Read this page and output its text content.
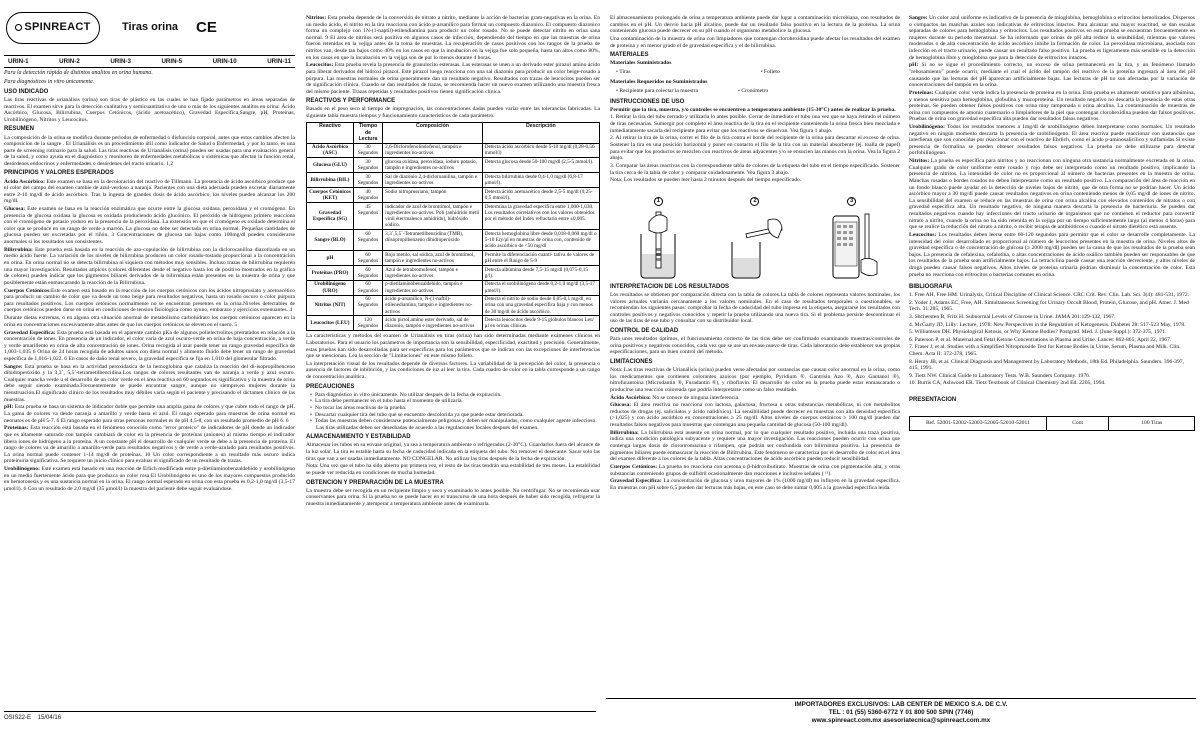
SPINREACT	Tiras orina CE
URIN-1	URIN-2	URIN-3	URIN-5	URIN-10	URIN-11
Para la detección rápida de distintos analitos en orina humana.
Para diagnósticos in vitro únicamente.
USO INDICADO

Las tiras reactivas de urianálisis (orina) son tiras de plástico en las cuales se han fijado parámetros en áreas separadas de reactivos. El examen sirve para la detección cualitativa y semicuantitativa de uno o más de los siguientes analitos en orina: Ácido Ascórbico, Glucosa, Bilirrubina, Cuerpos Cetónicos, (ácido acetoacético), Gravedad Específica,Sangre, pH, Proteínas, Urobilinógeno, Nitritos y Leucocitos.

RESUMEN

La composición de la orina se modifica durante periodos de enfermedad o disfunción corporal, antes que estos cambios afecten la composición de la sangre . El Urianálisis es un procedimiento útil como indicador de Salud o Enfermedad, y por lo tanto, es una parte de screening rutinario para la salud. Las tiras reactivas de Urianálisis (orina) pueden ser usadas para una evaluación general de la salud, y como ayuda en el diagnóstico y monitoreo de enfermedades metabólicas o sistémicas que afectan la función renal, desórdenes endocrinos y enfermedades o desórdenes del tracto urinario. 1,2

PRINCIPIOS Y VALORES ESPERADOS

Ácido Ascórbico: Este examen se basa en la decoloración del reactivo de Tillmann. La presencia de ácido ascórbico produce que el color del campo del examen cambie de azul-verdoso a naranja. Pacientes con una dieta adecuada pueden excretar diariamente entre 2-10 mg/dl de ácido ascórbico. Tras la ingesta de grandes dosis de ácido ascórbico, los niveles pueden alcanzar los 200 mg/dl.

Glucosa: Este examen se basa en la reacción enzimática que ocurre entre la glucosa oxidasa, peroxidasa y el cromógeno. En presencia de glucosa oxidasa la glucosa es oxidada produciendo ácido glucónico. El peróxido de hidrógeno primero reacciona con el cromógeno de potasio yoduro en la presencia de la peroxidasa. La extensión en que el cromógeno es oxidado determina el color que se produce en un rango de verde a marrón. La glucosa no debe ser detectada en orina normal. Pequeñas cantidades de glucosa pueden ser excretadas por el riñón. 3 Concentraciones de glucosa tan bajas como 100mg/dl pueden considerarse anormales si los resultados son consistentes.

Bilirrubina: Este prueba está basada en la reacción de azo-copulación de bilirrubina con la diclorocanilina diazotizada en un medio ácido fuerte. La variación de los niveles de bilirrubina producen un color rosado-tostado proporcional a la concentración en orina. En orina normal no se detecta bilirrubina ni siquiera con métodos muy sensibles. Incluso trazas de bilirrubina requieren una mayor investigación. Resultados atípicos (colores diferentes desde el negativo hasta los de positivo mostrados en la gráfica de colores) pueden indicar que los pigmentos biliares derivados de la bilirrubina están presentes en la muestra de orina y que posiblemente están enmascarando la reacción de la Bilirrubina.

Cuerpos Cetónicos:Este examen está basado en la reacción de los cuerpos cetónicos con los ácidos nitroprusiato y acetoacético para producir un cambio de color que va desde un tono beige para resultados negativos, hasta un rosado oscuro o color púrpura para resultados positivos. Los cuerpos cetónicos normalmente no se encuentran presentes en la orina.Niveles detectables de cuerpos cetónicos pueden darse en orina en condiciones de tension fisiológica como ayuno, embarazo y ejercicios extenuantes. 4

Durante dietas extremas, o en alguna otra situación anormal de metabolismo carbohidrato los cuerpos cetónicos aparecen en la orina en concentraciones excesivamente altas antes de que los cuerpos cetónicos se eleven en el suero. 5

Gravedad Específica: Esta prueba está basada en el aparente cambio pKa de algunos polielectrolitos pretratados en relación a la concentración de iones. En presencia de un indicador, el color varía de azul oscuro-verde en orina de baja concentración, a verde y verde amarillento en orina de alta concentración de iones. Orina recogida al azar puede tener un rango gravedad específica de 1,003-1,035 6 Orina de 24 horas recogida de adultos sanos con dieta normal y alimento fluido debe tener un rango de gravedad específica de 1,016-1,022. 6 En casos de daño renal severo, la gravedad específica se fija en 1,010 del glomerular filtrado.

Sangre: Esta prueba se basa en la actividad peroxidasica de la hemoglobina que cataliza la reacción del di-isopropilbenceno dihidroperóxido y la 3,3´, 5,5´-tetrametilbencidina.Los rangos de colores resultantes van de naranja a verde y azul oscuro. Cualquier mancha verde u el desarrollo de un color verde en el área reactiva en 60 segundos es significativo y la muestra de orina debe seguir siendo examinada.Frecuentemente se puede encontrar sangre, aunque no siempre,en mujeres durante la menstruación.El significado clínico de los resultados muy débiles varía según el paciente y precisando el dictamen clínico de las muestras.

pH: Esta prueba se basa un sistema de indicador doble que permite una amplia gama de colores y que cubre todo el rango de pH. La gama de colores va desde naranja a amarillo y verde hasta el azul. El rango esperado para muestras de orina normal en neonatos es de pH 5-7. 6 El rango esperado para otras personas normales es de pH 4,5-8, con un resultado promedio de pH 6. 6

Proteínas: Esta reacción está basada en el fenómeno conocido como "error proteico" de indicadores de pH donde un indicador que es altamente saturado con tampón cambiará de color en la presencia de proteínas (aniones) al mismo tiempo el indicador libera iones de hidrógeno a la proteína. A un constante pH el desarrollo de cualquier verde se debe a la presencia de proteína. El rango de colores va de amarillo a amarillo-verde para resultados negativos y de verde a verde-azulado para resultados positivos. La orina normal puede contener 1-14 mg/dl de proteínas. 10 Un color correspondiente a un resultado más oscuro indica proteinuria significativa. Se requiere un juicio clínico para evaluar el significado de un resultado de trazas.

Urobilinógeno: Este examen está basado en una reacción de Erlich modificada entre p-dietilaminobenzaldehido y urobilinógeno en un medio fuertemente ácido para que produzca un color rosa El Urobilinógeno es uno de los mayores compuestos producido en hemotonesis y es una sustancia normal en la orina. El rango normal esperado en orina con esta prueba es 0,2-1,0 mg/dl (3,5-17 μmol/l). 6 Con un resultado de 2,0 mg/dl (35 μmol/l) la muestra del paciente debe seguir evaluándose.

Nitritos: Esta prueba depende de la conversión de nitrato a nitrito, mediante la acción de bacterias gram-negativas en la orina. En un medio ácido, el nitrito en la tira reacciona con ácido p-arsanílico para formar un compuesto diazonico. El compuesto diazonico forma un complejo con 1N-(1-naptil)-etilendiamina para producir un color rosado. No se puede detectar nitrito en orina sana normal. 9 El área de nitritos será positiva en algunos casos de infección, dependiendo del tiempo en que las muestras de orina fueron retenidas en la vejiga antes de la toma de muestras. La recuperación de casos positivos con los rangos de la prueba de nitritos van, desde tan bajos como 40% en los casos en que la incubación en la vejiga fue solo pequeña, hasta tan altos como 80%, en los casos en que la incubación en la vejiga son de por lo menos durante 4 horas.

Leucocitos: Esta prueba revela la presencia de granulocito esterasas. Las esterasas se unen a un derivado ester pirazol amino ácido para liberar derivados del hidroxi pirazol. Este pirazol luego reacciona con una sal diazonio para producir un color beige-rosado a púrpura. Las muestras normales de orina generalmente dan un resultado negativo. Resultados con trazas de leucocitos pueden ser de significación clínica. Cuando se dan resultados de trazas, se recomienda hacer un nuevo examen utilizando una muestra fresca del mismo paciente. Trazas repetidas y resultados positivos tienen significación clínica.

REACTIVOS Y PERFORMANCE

Basado en el peso seco al tiempo de impregnación, las concentraciones dadas pueden variar entre las tolerancias fabricadas. La siguiente tabla muestra tiempos y funcionamiento característicos de cada parámetro.

Reactivo	Tiempo de Lectura	Composición	Descripción
Ácido Ascórbico (ASC)	30 Segundos	2,6-Diclorofenolindofenol, tampón e ingredientes no-activos	Detecta ácido ascórbico desde 5-10 mg/dl (0,28-0,56 mmol/l)
Glucosa (GLU)	30 Segundos	glucosa oxidasa, peroxidasa, ioduro potasio, tampón e ingredientes no-activos	Detecta glucosa desde 50-100 mg/dl (2,5-5 mmol/l).
Bilirrubina (BIL)	30 Segundos	Sal de diazonio 2,4-dicloroanilina, tampón e ingredientes no-activos	Detecta bilirrubina desde 0,4-1,0 mg/dl (6,8-17 μmol/l).
Cuerpos Cetónicos (KET)	40 Segundos	Sodio nitroprussiano, tampón	Detecta ácido acetoacético desde 2,5-5 mg/dl (0,25-0,5 mmol/l).
Gravedad Específica (SG)	45 Segundos	indicador de azul de bromtimol, tampón e ingredientes no-activos. Poli (anhidrido metil vinil éter/malesco anhidrido), hidróxido sódico.	Determina la gravedad específica entre 1,000-1,030. Los resultados correlativos con los valores obtenidos por el método del Index refractario entre ±0,005.
Sangre (BLO)	60 Segundos	3,3´,5,5´-Tetrametilbenzidina (TMB), diisopropilbenzeno dihidroperóxido	Detecta hemoglobina libre desde 0,018-0,060 mg/dl o 5-10 Ery/μl en muestras de orina con, contenido de ácido ascórbico de <50 mg/dl
pH	60 Segundos	Rojo metilo, sal sódica, azul de bromtimol, tampón e ingredientes no-activos	Permite la diferenciación cuanti- tativa de valores de pH entre el Rango de 5-9
Proteínas (PRO)	60 Segundos	Azul de tetrabromofenol, tampón e ingredientes no-activos	Detecta albúmina desde 7,5-15 mg/dl (0,075-0,15 g/l).
Urobilinógeno (URO)	60 Segundos	p-dietilaminobenzaldehido, tampón e ingredientes no-activos	Detecta el urobilinógeno desde 0,2-1,0 mg/dl (3,5-17 μmol/l).
Nitritos (NIT)	60 Segundos	ácido p-arsanílico, N-(1-naftil)-etilenediamina, tampón e ingredientes no-activos	Detecta el nitrito de sodio desde 0,05-0,1 mg/dl, en orina con una gravedad específica baja y con menos de 30 mg/dl de ácido ascórbico.
Leucocitos (LEU)	120 Segundos	ácido pirrol amino ester derivado, sal de diazonio, tampón e ingredientes no-activos	Detecta leucocitos desde 9-15 glóbulos blancos Leu/μl en orinas clínicas.

La características y métodos del examen de Urianálisis en tiras (orina) han sido determinadas mediante exámenes clínicos en Laboratorios. Para el usuario los parámetros de importancia son la sensibilidad, especificidad, exactitud y precisión. Generalmente, estas pruebas han sido desarrolladas para ser específicas para los parámetros que se indican con las excepciones de interferencias que se mencionan. Lea la sección de "Limitaciones" en este mismo folleto.

La interpretación visual de los resultados depende de diversos factores. La variabilidad de la percepción del color, la presencia o ausencia de factores de inhibición, y las condiciones de luz al leer la tira. Cada cuadro de color en la tabla corresponde a un rango de concentración analítica.

PRECAUCIONES
• Para diagnóstico in vitro únicamente. No utilizar después de la fecha de expiración.
• La tira debe permanecer en el tubo hasta el momento de utilizarla.
• No tocar las áreas reactivas de la prueba.
• Descartar cualquier tira del tubo que se encuentre descolorida ya que puede estar deteriorada.
• Todas las muestras deben considerarse potencialmente peligrosas y deben ser manipuladas, como cualquier agente infeccioso.

Las tiras utilizadas deben ser desechadas de acuerdo a las regulaciones locales después del examen.

ALMACENAMIENTO Y ESTABILIDAD

Almacenar los tubos en su envase original, ya sea a temperatura ambiente o refrigerados (2-30°C). Guardarlos fuera del alcance de la luz solar. La tira es estable hasta su fecha de caducidad indicada en la etiqueta del tubo. No remover el desecante. Sacar solo las tiras que van a ser usadas inmediatamente. NO CONGELAR. No utilizar las tiras después de la fecha de expiración.

Nota: Una vez que el tubo ha sido abierto por primera vez, el resto de las tiras tendrán una estabilidad de tres meses. La estabilidad se puede ver reducida en condiciones de mucha humedad.

OBTENCION Y PREPARACIÓN DE LA MUESTRA

La muestra debe ser recogida en un recipiente limpio y seco y examinado lo antes posible. No centrifugar. No se recomienda usar conservantes para orina. Si la prueba no se puede hacer en el transcurso de una hora después de haber sido recogida, refrigerar la muestra inmediatamente y atemperar a temperatura ambiente antes de examinarla.

El almacenamiento prolongado de orina a temperatura ambiente puede dar lugar a contaminación microbiana, con resultados de cambios en el pH. Un desvío hacia pH alcalino, puede dar un resultado falso positivo en la lectura de la proteína. La orina conteniendo glucosa puede decrecer en su pH cuando el organismo metabolice la glucosa.

Una contaminación de la muestra de orina con limpiadores que contengan clorohexidina puede afectar los resultados del examen de proteína y en menor grado el de gravedad específica y el de bilirrubina.

MATERIALES
Materiales Suministrados
• Tiras	• Folleto
Materiales Requeridos no Suministrados
• Recipiente para colectar la muestra	• Cronómetro
INSTRUCCIONES DE USO

Permitir que la tira, muestra, y/o controles se encuentren a temperatura ambiente (15-30°C) antes de realizar la prueba.

1. Retirar la tira del tubo cerrado y utilizarla lo antes posible. Cerrar de inmediato el tubo una vez que se haya retirado el número de tiras necesarias. Sumergir por completo el área reactiva de la tira en el recipiente conteniendo la orina fresca bien mezclada e inmediatamente sacarla del recipiente para evitar que los reactivos se disuelvan. Vea figura 1 abajo.

2. Al retirar la tira de la orina, correr el filo de la tira contra el borde del recipiente de la orina para descartar el exceso de orina. Sostener la tira en una posición horizontal y poner en contacto el filo de la tira con un material absorbente (ej. toalla de papel) para evitar que los productos se mezclen con reactivos de áreas adyacentes y/o se ensucien las manos con la orina. Vea la figura 2 abajo.

3. Comparar las áreas reactivas con la correspondiente tabla de colores de la etiqueta del tubo en el tiempo especificado. Sostener la tira cerca de la tabla de color y comparar cuidadosamente. Vea figura 3 abajo.

Nota: Los resultados se pueden leer hasta 2 minutos después del tiempo especificado.

1	2	3
INTERPRETACION DE LOS RESULTADOS

Los resultados se obtienen por comparación directa con la tabla de colores.La tabla de colores representa valores nominales, los valores actuales variarán cercanamente a los valores nominales. En el caso de resultados temporales o cuestionables, se recomiendan los siguientes pasos: comprobar la fecha de caducidad del tubo impresa en la etiqueta, asegurarse los resultados con controles positivos y negativos conocidos y repetir la prueba utilizando una nueva tira. Si el problema persiste descontinuar el uso de las tiras de ese tubo y consultar con su distribuidor local.

CONTROL DE CALIDAD

Para unos resultados óptimos, el funcionamiento correcto de las tiras debe ser confirmado examinando muestras/controles de orina positivos y negativos conocidos, cada vez que se use un envase nuevo de tiras. Cada laboratorio debe establecer sus propias especificaciones, para un buen control del método.

LIMITACIONES

Nota: Las tiras reactivas de Urianálisis (orina) pueden verse afectadas por sustancias que causan color anormal en la orina, como los medicamentos que contienen colorantes azoicos (por ejemplo, Pyridium ®, Gantrisin Azo ®, Azo Gantanol ®), nitrofurantoína (Microdantin ®, Furadantin ®), y riboflavin. El desarrollo de color en la prueba puede estar enmascarado o producirse una reacción coloreada que podría interpretarse como un falso resultado.

Ácido Ascórbico: No se conoce de ninguna interferencia.

Glucosa: El área reactiva no reacciona con lactosa, galactosa, fructosa u otras substancias metabólicas, ni con metabolitos reductos de drogas (ej. salicilatos y ácido nalidíxico). La sensibilidad puede decrecer en muestras con alta densidad específica (>1,025) y con ácido ascórbico en concentraciones ≥ 25 mg/dl. Altos niveles de cuerpos cetónicos ≥ 100 mg/dl pueden dar resultados falsos negativos para muestras que contengan una pequeña cantidad de glucosa (50-100 mg/dl).

Bilirrubina: La bilirrubina está ausente en orina normal, por lo que cualquier resultado positivo, incluida una traza positiva, indica una condición patológica subyacente y requiere una mayor investigación. Las reacciones pueden ocurrir con orina que contenga largas dosis de clorопromazina o rifampen, que podrán ser confundida con bilirrubina positiva. La presencia de pigmentos biliares puede enmascarar la reacción de Bilirrubina. Este fenómeno se caracteriza por el desarrollo de color en el área del examen diferente a los colores de la tabla. Altas concentraciones de ácido ascórbico pueden reducir sensibilidad.

Cuerpos Cetónicos: La prueba no reacciona con acetona o β-hidroxibutirato. Muestras de orina con pigmentación alta, y otras substancias conteniendo grupos de sulfidril ocasionalmente dan reacciones e inclusive señales ( ¹¹).

Gravedad Específica: La concentración de glucosa y urea mayores de 1% (1000 mg/dl) no influyen en la gravedad específica. En muestras con pH sobre 6,5 pueden dar lecturas más bajas, en este caso se debe sumar 0,005 a la gravedad específica leída.

Sangre: Un color azul uniforme es indicativo de la presencia de mioglobina, hemoglobina o eritrocitos hemolizados. Dispersos o compactos las manchas azules son indicativas de eritrocitos intactos. Para alcanzar una mayor exactitud, se dan escalas separadas de colores para hemoglobina y eritrocitos. Los resultados positivos en esta prueba se encuentran frecuentemente en mujeres durante su periodo menstrual. Se ha informado que orinas de pH alta reduce la sensibilidad, mientras que valores moderados o de alta concentración de ácido ascórbico inhibe la formación de color. La peroxidasa microbiana, asociada con infección en el tracto urinario, puede causar un resultado falso positivo. La prueba es ligeramente más sensible en la detección de hemoglobina libre y mioglobina que para la detección de eritrocitos intactos.

pH: Si no se sigue el procedimiento correcto, un exceso de orina permanecerá en la tira, y un fenómeno llamado "rebosamiento" puede ocurrir, mediante el cual el ácido del tampón del reactivo de la proteína ingresará al área del pH causando que las lecturas del pH aparezcan artificialmente bajas. Las lecturas de pH no son afectadas por la variación de concentraciones del tampón en la orina.

Proteínas: Cualquier color verde indica la presencia de proteína en la orina. Esta prueba es altamente sensitiva para albúmina, y menos sensitiva para hemoglobina, globulina y mucoproteína. Un resultado negativo no descarta la presencia de estas otras proteínas. Se pueden obtener falsos positivos con orina muy tamponada u orina alcalina. La contaminación de muestras de orina con compuestos de amonio cuaternario o limpiadores de la piel que contengan clorohexidina pueden dar falsos positivos. Pruebas de orina con gravedad específica alta pueden dar resultados falsos negativos.

Urobilinógeno: Todos los resultados menores a 1mg/dl de urobilinógeno deben interpretarse como normales. Un resultado negativo en ningún momento descarta la presencia de urobilinógeno. El área reactiva puede reaccionar con sustancias que interfieran que son conocidas por reaccionar con el reactivo de Ehrlich, como el ácido p-aminosalicílico y sulfamidas.Si existe presencia de formalina se pueden obtener resultados falsos negativos. La prueba no debe utilizarse para detectar porfobilinógeno.

Nitritos: La prueba es específica para nitritos y no reaccionan con ninguna otra sustancia normalmente excretada en la orina. Cualquier grado de color uniforme entre rosado y rojo debe ser interpretado como un resultado positivo, implicando la presencia de nitritos. La intensidad de color no es proporcional al número de bacterias presentes en la muestra de orina. Manchas rosadas o bordes rosados no deben interpretarse como un resultado positivo. La comparación del área de reacción en un fondo blanco puede ayudar en la detección de niveles bajos de nitrito, que de otra forma no se podrían hacer. Un ácido ascórbico mayor a 30 mg/dl puede causar resultados negativos en orina conteniendo menos de 0,05 mg/dl de iones de nitrito. La sensibilidad del examen se reduce en las muestras de orina con orina alcalina con elevados contenidos de nitratos o con gravedad específica alta. Un resultado negativo, de ninguna manera descarta la presencia de bacteriuria. Se pueden dar resultados negativos cuando hay infecciones del tracto urinario de organismos que no contienen el reductor para convertir nitrato a nitrito, cuando la orina no ha sido retenida en la vejiga por un tiempo suficientemente largo (al menos 4 horas) para que se realice la reducción del nitrato a nitrito, o recibir terapia de antibióticos o cuando el nitrato dietético está ausente.

Leucocitos: Los resultados deben leerse entre 60-120 segundos para permitir que el color se desarrolle completamente. La intensidad del color desarrollado es proporcional al número de leucocitos presentes en la muestra de orina. Niveles altos de gravedad específica o de concentración de glucosa (≥ 2000 mg/dl) pueden ser la causa de que los resultados de la prueba sean bajos. La presencia de cefalexina, cefalotina, o altas concentraciones de ácido oxálico también pueden ser responsables de que los resultados de la prueba sean artificialmente bajos. La tetraciclina puede causar una reacción decreciente, y altos niveles de droga pueden causar falsos negativos. Altos niveles de proteína urinaria podrían disminuir la concentración de color. Esta prueba no reacciona con eritrocitos o bacterias comunes en orina.

BIBLIOGRAFIA
1. Free AH, Free HM. Urinalysis, Critical Discipline of Clinical Science. CRC Crit. Rev. Clin. Lab. Sci. 3(4): 481-531, 1972.
2. Yoder J, Adams EC, Free, AH. Simultaneous Screening for Urinary Occult Blood, Protein, Glucose, and pH. Amer. J. Med Tech. 31:285, 1965.
3. Shchersten B, Fritz H. Subnormal Levels of Glucose in Urine. JAMA 201:129-132, 1967.
4. McGarry JD, Lilly: Lecture, 1978: New Perspectives in the Regulation of Ketogenesis. Diabetes 28: 517-523 May, 1978.
5. Williamson DH. Physiological Ketosis, or Why Ketone Bodies? Postgrad. Med. J. (June Suppl.): 372-375, 1971.
6. Paterson P, et al. Maternal and Fetal Ketone Concentrations in Plasma and Urine. Lancet: 862-865; April 22, 1967.
7. Fraser J, et al. Studies with a Simplified Nitroprusside Test for Ketone Bodies in Urine, Serum, Plasma and Milk. Clin. Chem. Acta II: 372-378, 1965.
8. Henry JB, et al. Clinical Diagnosis and Management by Laboratory Methods, 18th Ed. Philadelphia. Saunders. 396-397, 415, 1991.
9. Tietz NW. Clinical Guide to Laboratory Tests. W.B. Saunders Company. 1976.
10. Burtis CA, Ashwood ER. Tietz Textbook of Clinical Chemistry 2nd Ed. 2205, 1994.
PRESENTACION
Ref. 52001-52002-52003-52005-52010-52011	Cont	100 Tiras
OSIS22-E 15/04/16
IMPORTADORES EXCLUSIVOS: LAB CENTER DE MEXICO S.A. DE C.V.
TEL : 01 (55) 5360-6772 Y 01 800 500 SPIN (7746)
www.spinreact.com.mx asesoriatecnica@spinreact.com.mx
